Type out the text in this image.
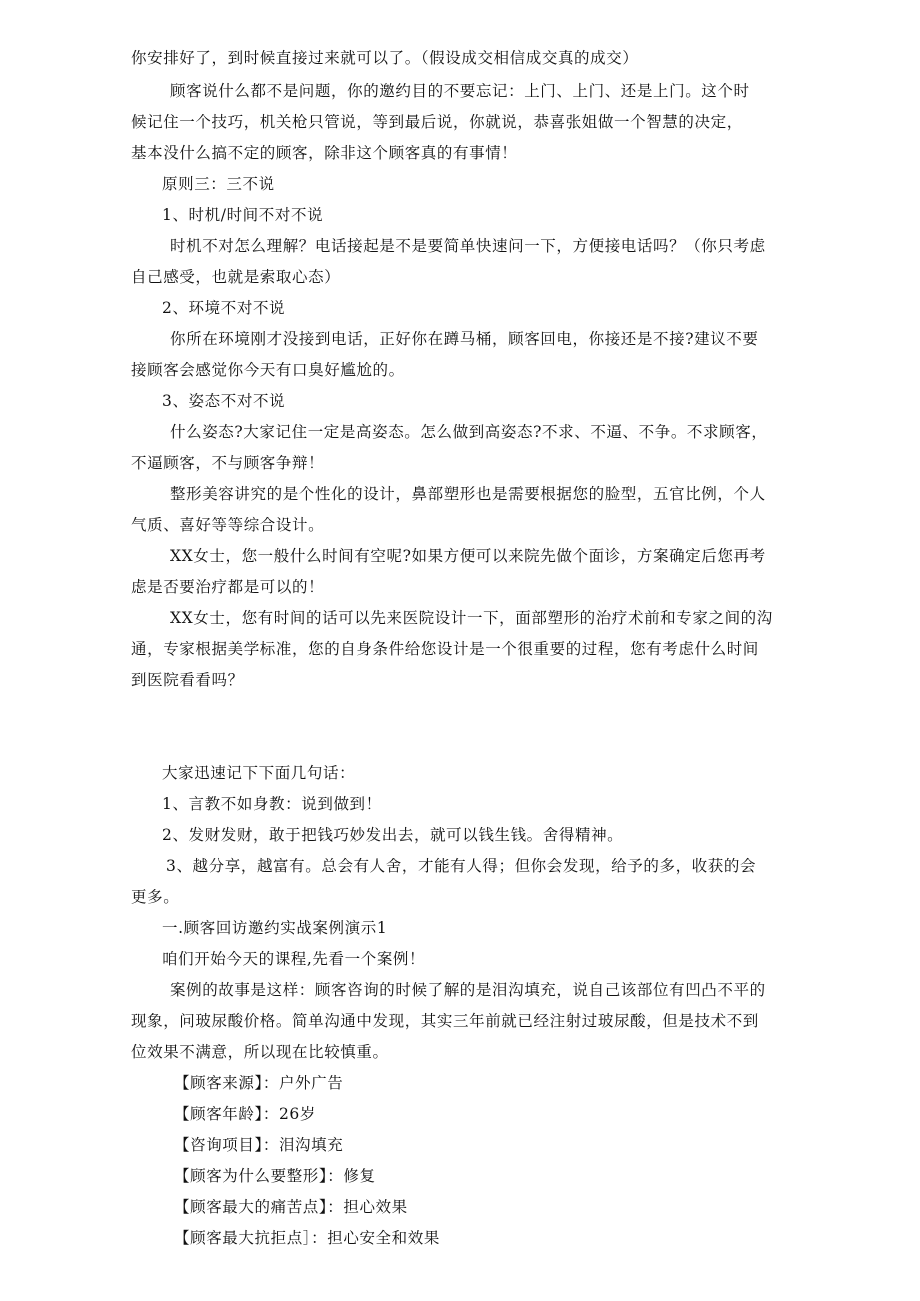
你安排好了，到时候直接过来就可以了。（假设成交相信成交真的成交）
顾客说什么都不是问题，你的邀约目的不要忘记：上门、上门、还是上门。这个时
候记住一个技巧，机关枪只管说，等到最后说，你就说，恭喜张姐做一个智慧的决定，
基本没什么搞不定的顾客，除非这个顾客真的有事情！
原则三：三不说
1、时机/时间不对不说
时机不对怎么理解？电话接起是不是要简单快速问一下，方便接电话吗？（你只考虑
自己感受，也就是索取心态）
2、环境不对不说
你所在环境刚才没接到电话，正好你在蹲马桶，顾客回电，你接还是不接?建议不要
接顾客会感觉你今天有口臭好尴尬的。
3、姿态不对不说
什么姿态?大家记住一定是高姿态。怎么做到高姿态?不求、不逼、不争。不求顾客，
不逼顾客，不与顾客争辩！
整形美容讲究的是个性化的设计，鼻部塑形也是需要根据您的脸型，五官比例，个人
气质、喜好等等综合设计。
XX女士，您一般什么时间有空呢?如果方便可以来院先做个面诊，方案确定后您再考
虑是否要治疗都是可以的！
XX女士，您有时间的话可以先来医院设计一下，面部塑形的治疗术前和专家之间的沟
通，专家根据美学标准，您的自身条件给您设计是一个很重要的过程，您有考虑什么时间
到医院看看吗？
大家迅速记下下面几句话：
1、言教不如身教：说到做到！
2、发财发财，敢于把钱巧妙发出去，就可以钱生钱。舍得精神。
3、越分享，越富有。总会有人舍，才能有人得；但你会发现，给予的多，收获的会
更多。
一.顾客回访邀约实战案例演示1
咱们开始今天的课程,先看一个案例！
案例的故事是这样：顾客咨询的时候了解的是泪沟填充，说自己该部位有凹凸不平的
现象，问玻尿酸价格。简单沟通中发现，其实三年前就已经注射过玻尿酸，但是技术不到
位效果不满意，所以现在比较慎重。
【顾客来源】：户外广告
【顾客年龄】：26岁
【咨询项目】：泪沟填充
【顾客为什么要整形】：修复
【顾客最大的痛苦点】：担心效果
【顾客最大抗拒点］：担心安全和效果
